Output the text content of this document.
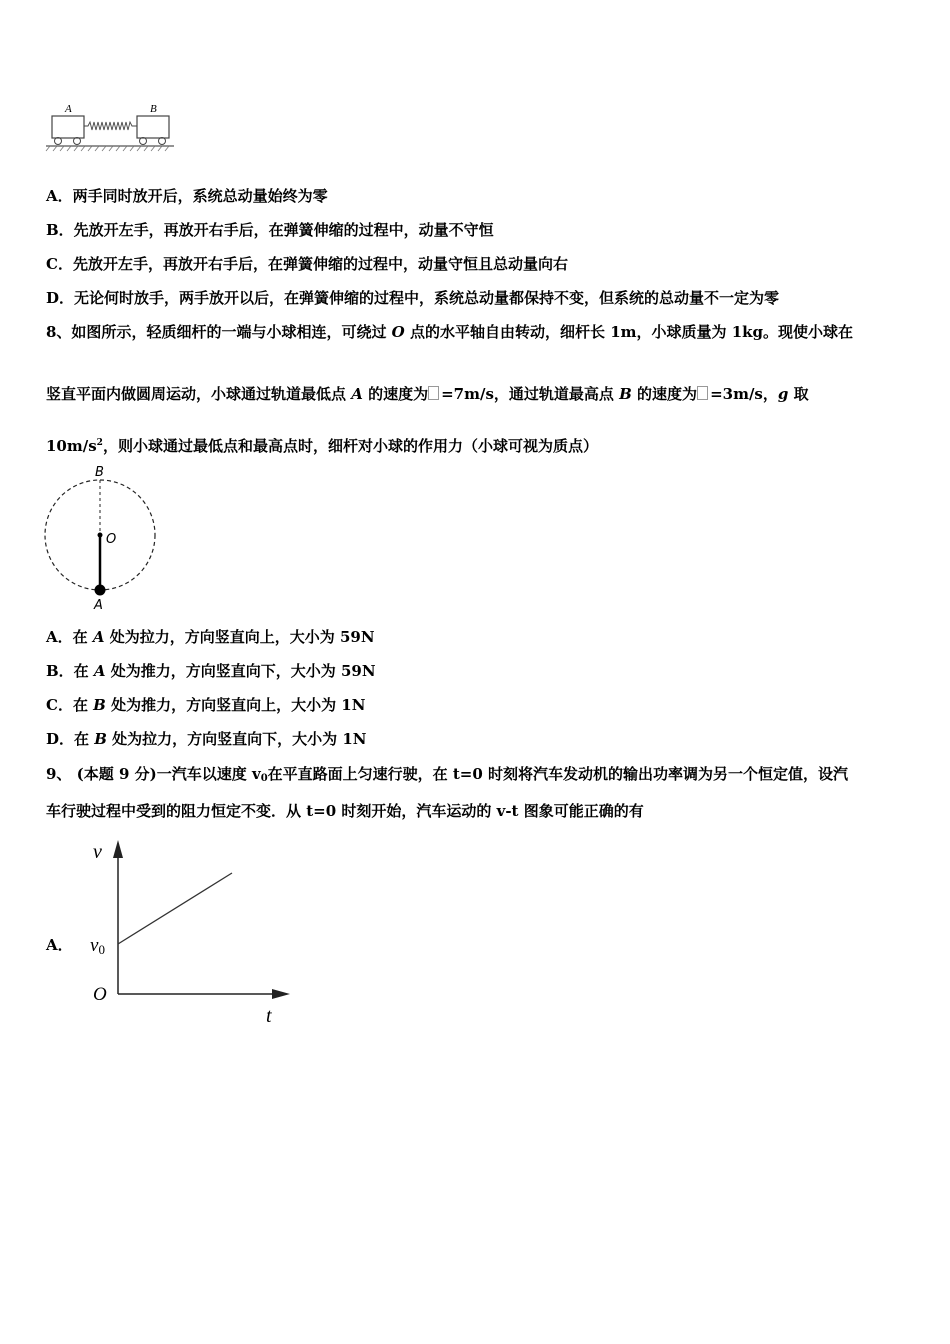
A	B
A．两手同时放开后，系统总动量始终为零
B．先放开左手，再放开右手后，在弹簧伸缩的过程中，动量不守恒
C．先放开左手，再放开右手后，在弹簧伸缩的过程中，动量守恒且总动量向右
D．无论何时放手，两手放开以后，在弹簧伸缩的过程中，系统总动量都保持不变，但系统的总动量不一定为零
8、如图所示，轻质细杆的一端与小球相连，可绕过 O 点的水平轴自由转动，细杆长 1m，小球质量为 1kg。现使小球在
竖直平面内做圆周运动，小球通过轨道最低点 A 的速度为 =7m/s，通过轨道最高点 B 的速度为 =3m/s，g 取
$10m/s^2$，则小球通过最低点和最高点时，细杆对小球的作用力（小球可视为质点）
B
O
A
A．在 A 处为拉力，方向竖直向上，大小为 59N
B．在 A 处为推力，方向竖直向下，大小为 59N
C．在 B 处为推力，方向竖直向上，大小为 1N
D．在 B 处为拉力，方向竖直向下，大小为 1N
9、 (本题 9 分)一汽车以速度 v0在平直路面上匀速行驶，在 t=0 时刻将汽车发动机的输出功率调为另一个恒定值，设汽
车行驶过程中受到的阻力恒定不变．从 t=0 时刻开始，汽车运动的 v-t 图象可能正确的有
A．
v
t
O
v0
